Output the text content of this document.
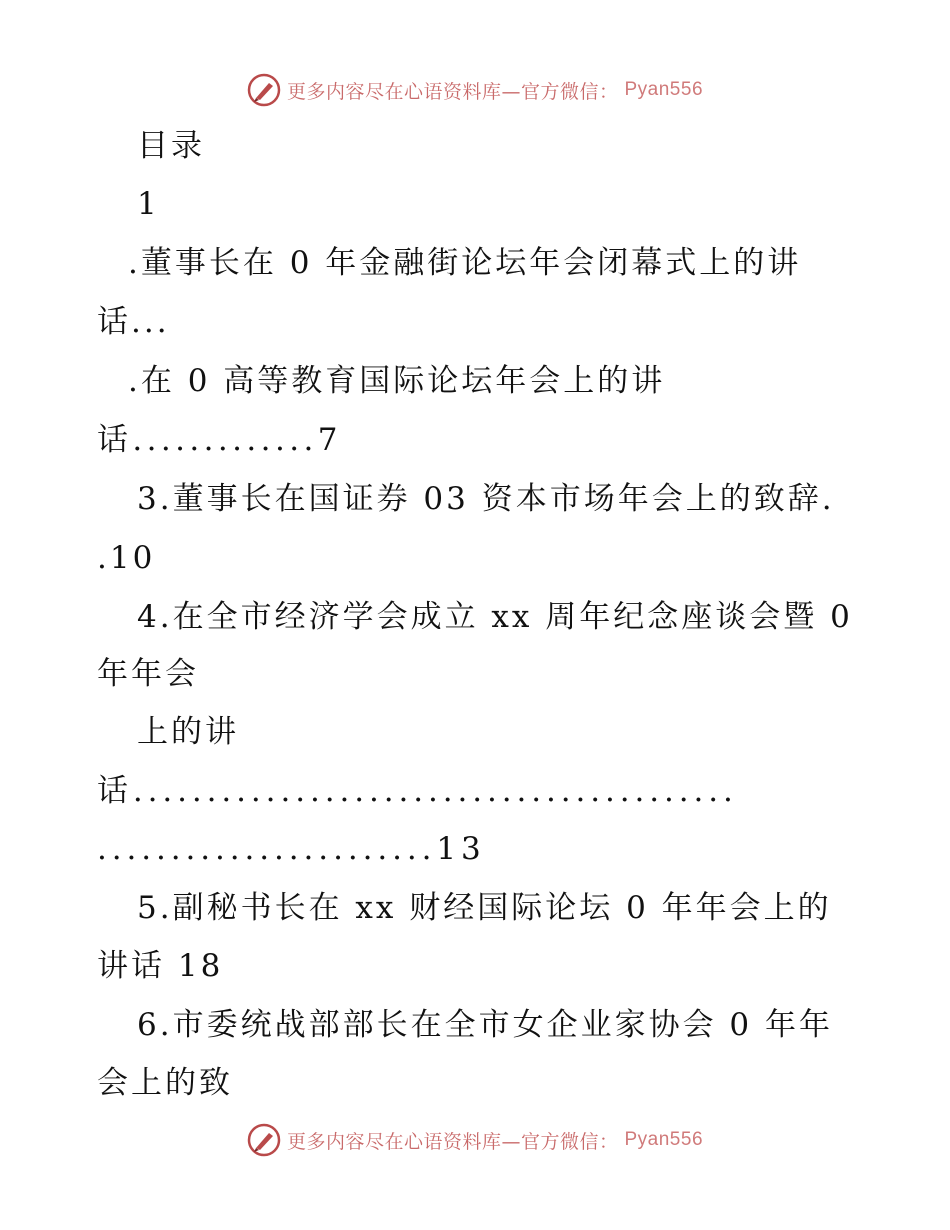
更多内容尽在心语资料库—官方微信： Pyan556
目录
1
.董事长在 0 年金融街论坛年会闭幕式上的讲
话...
.在 0 高等教育国际论坛年会上的讲
话.............7
3.董事长在国证券 03 资本市场年会上的致辞.
.10
4.在全市经济学会成立 xx 周年纪念座谈会暨 0
年年会
上的讲
话.........................................
.......................13
5.副秘书长在 xx 财经国际论坛 0 年年会上的
讲话 18
6.市委统战部部长在全市女企业家协会 0 年年
会上的致
更多内容尽在心语资料库—官方微信： Pyan556
